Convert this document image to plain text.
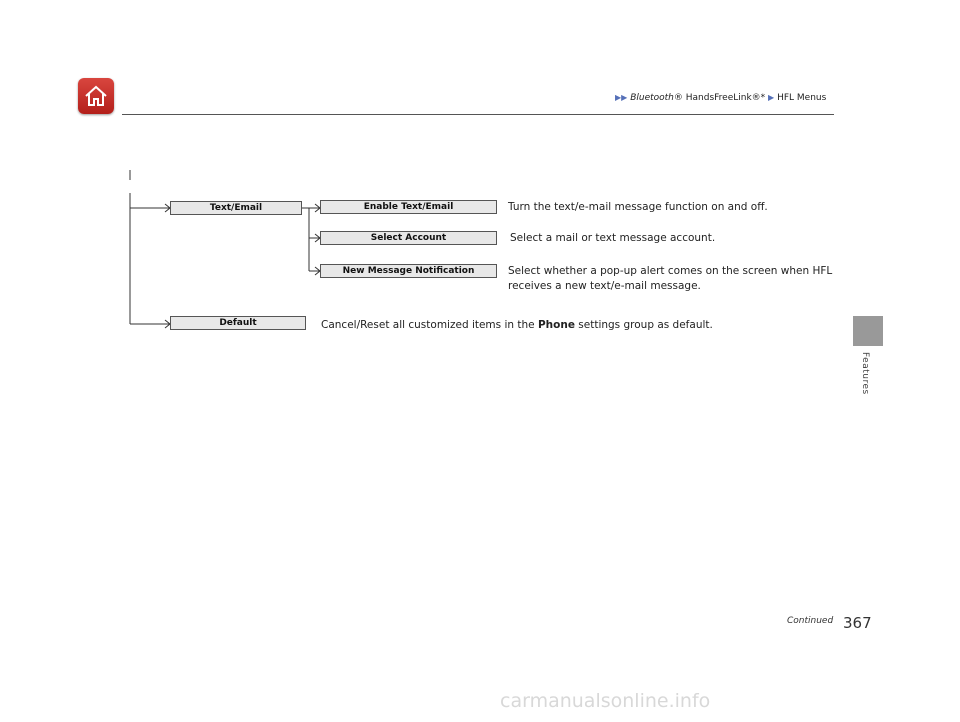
▶▶ Bluetooth® HandsFreeLink®* ▶ HFL Menus
Features
Text/Email	Enable Text/Email
Select Account
New Message Notification
Default
Turn the text/e-mail message function on and off.
Select a mail or text message account.
Select whether a pop-up alert comes on the screen when HFL
receives a new text/e-mail message.
Cancel/Reset all customized items in the Phone settings group as default.
Continued 367
carmanualsonline.info
